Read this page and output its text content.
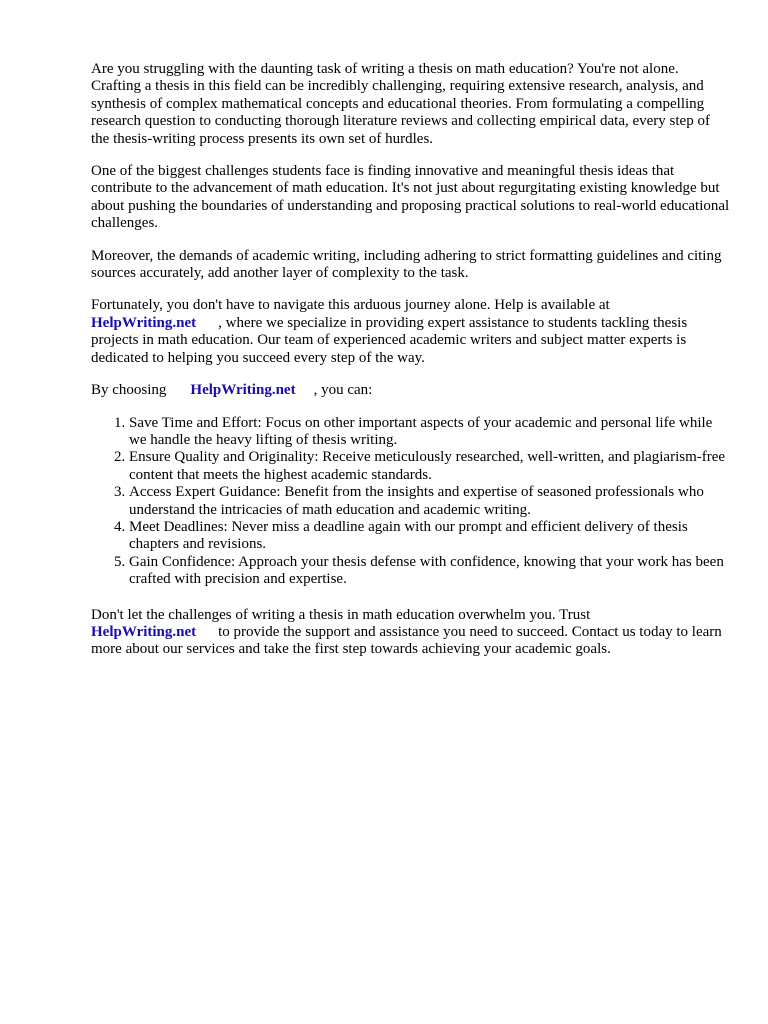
Are you struggling with the daunting task of writing a thesis on math education? You're not alone. Crafting a thesis in this field can be incredibly challenging, requiring extensive research, analysis, and synthesis of complex mathematical concepts and educational theories. From formulating a compelling research question to conducting thorough literature reviews and collecting empirical data, every step of the thesis-writing process presents its own set of hurdles.

One of the biggest challenges students face is finding innovative and meaningful thesis ideas that contribute to the advancement of math education. It's not just about regurgitating existing knowledge but about pushing the boundaries of understanding and proposing practical solutions to real-world educational challenges.

Moreover, the demands of academic writing, including adhering to strict formatting guidelines and citing sources accurately, add another layer of complexity to the task.

Fortunately, you don't have to navigate this arduous journey alone. Help is available at
HelpWriting.net , where we specialize in providing expert assistance to students tackling thesis projects in math education. Our team of experienced academic writers and subject matter experts is dedicated to helping you succeed every step of the way.

By choosing HelpWriting.net , you can:

1. Save Time and Effort: Focus on other important aspects of your academic and personal life while we handle the heavy lifting of thesis writing.
2. Ensure Quality and Originality: Receive meticulously researched, well-written, and plagiarism-free content that meets the highest academic standards.
3. Access Expert Guidance: Benefit from the insights and expertise of seasoned professionals who understand the intricacies of math education and academic writing.
4. Meet Deadlines: Never miss a deadline again with our prompt and efficient delivery of thesis chapters and revisions.
5. Gain Confidence: Approach your thesis defense with confidence, knowing that your work has been crafted with precision and expertise.

Don't let the challenges of writing a thesis in math education overwhelm you. Trust
HelpWriting.net to provide the support and assistance you need to succeed. Contact us today to learn more about our services and take the first step towards achieving your academic goals.
